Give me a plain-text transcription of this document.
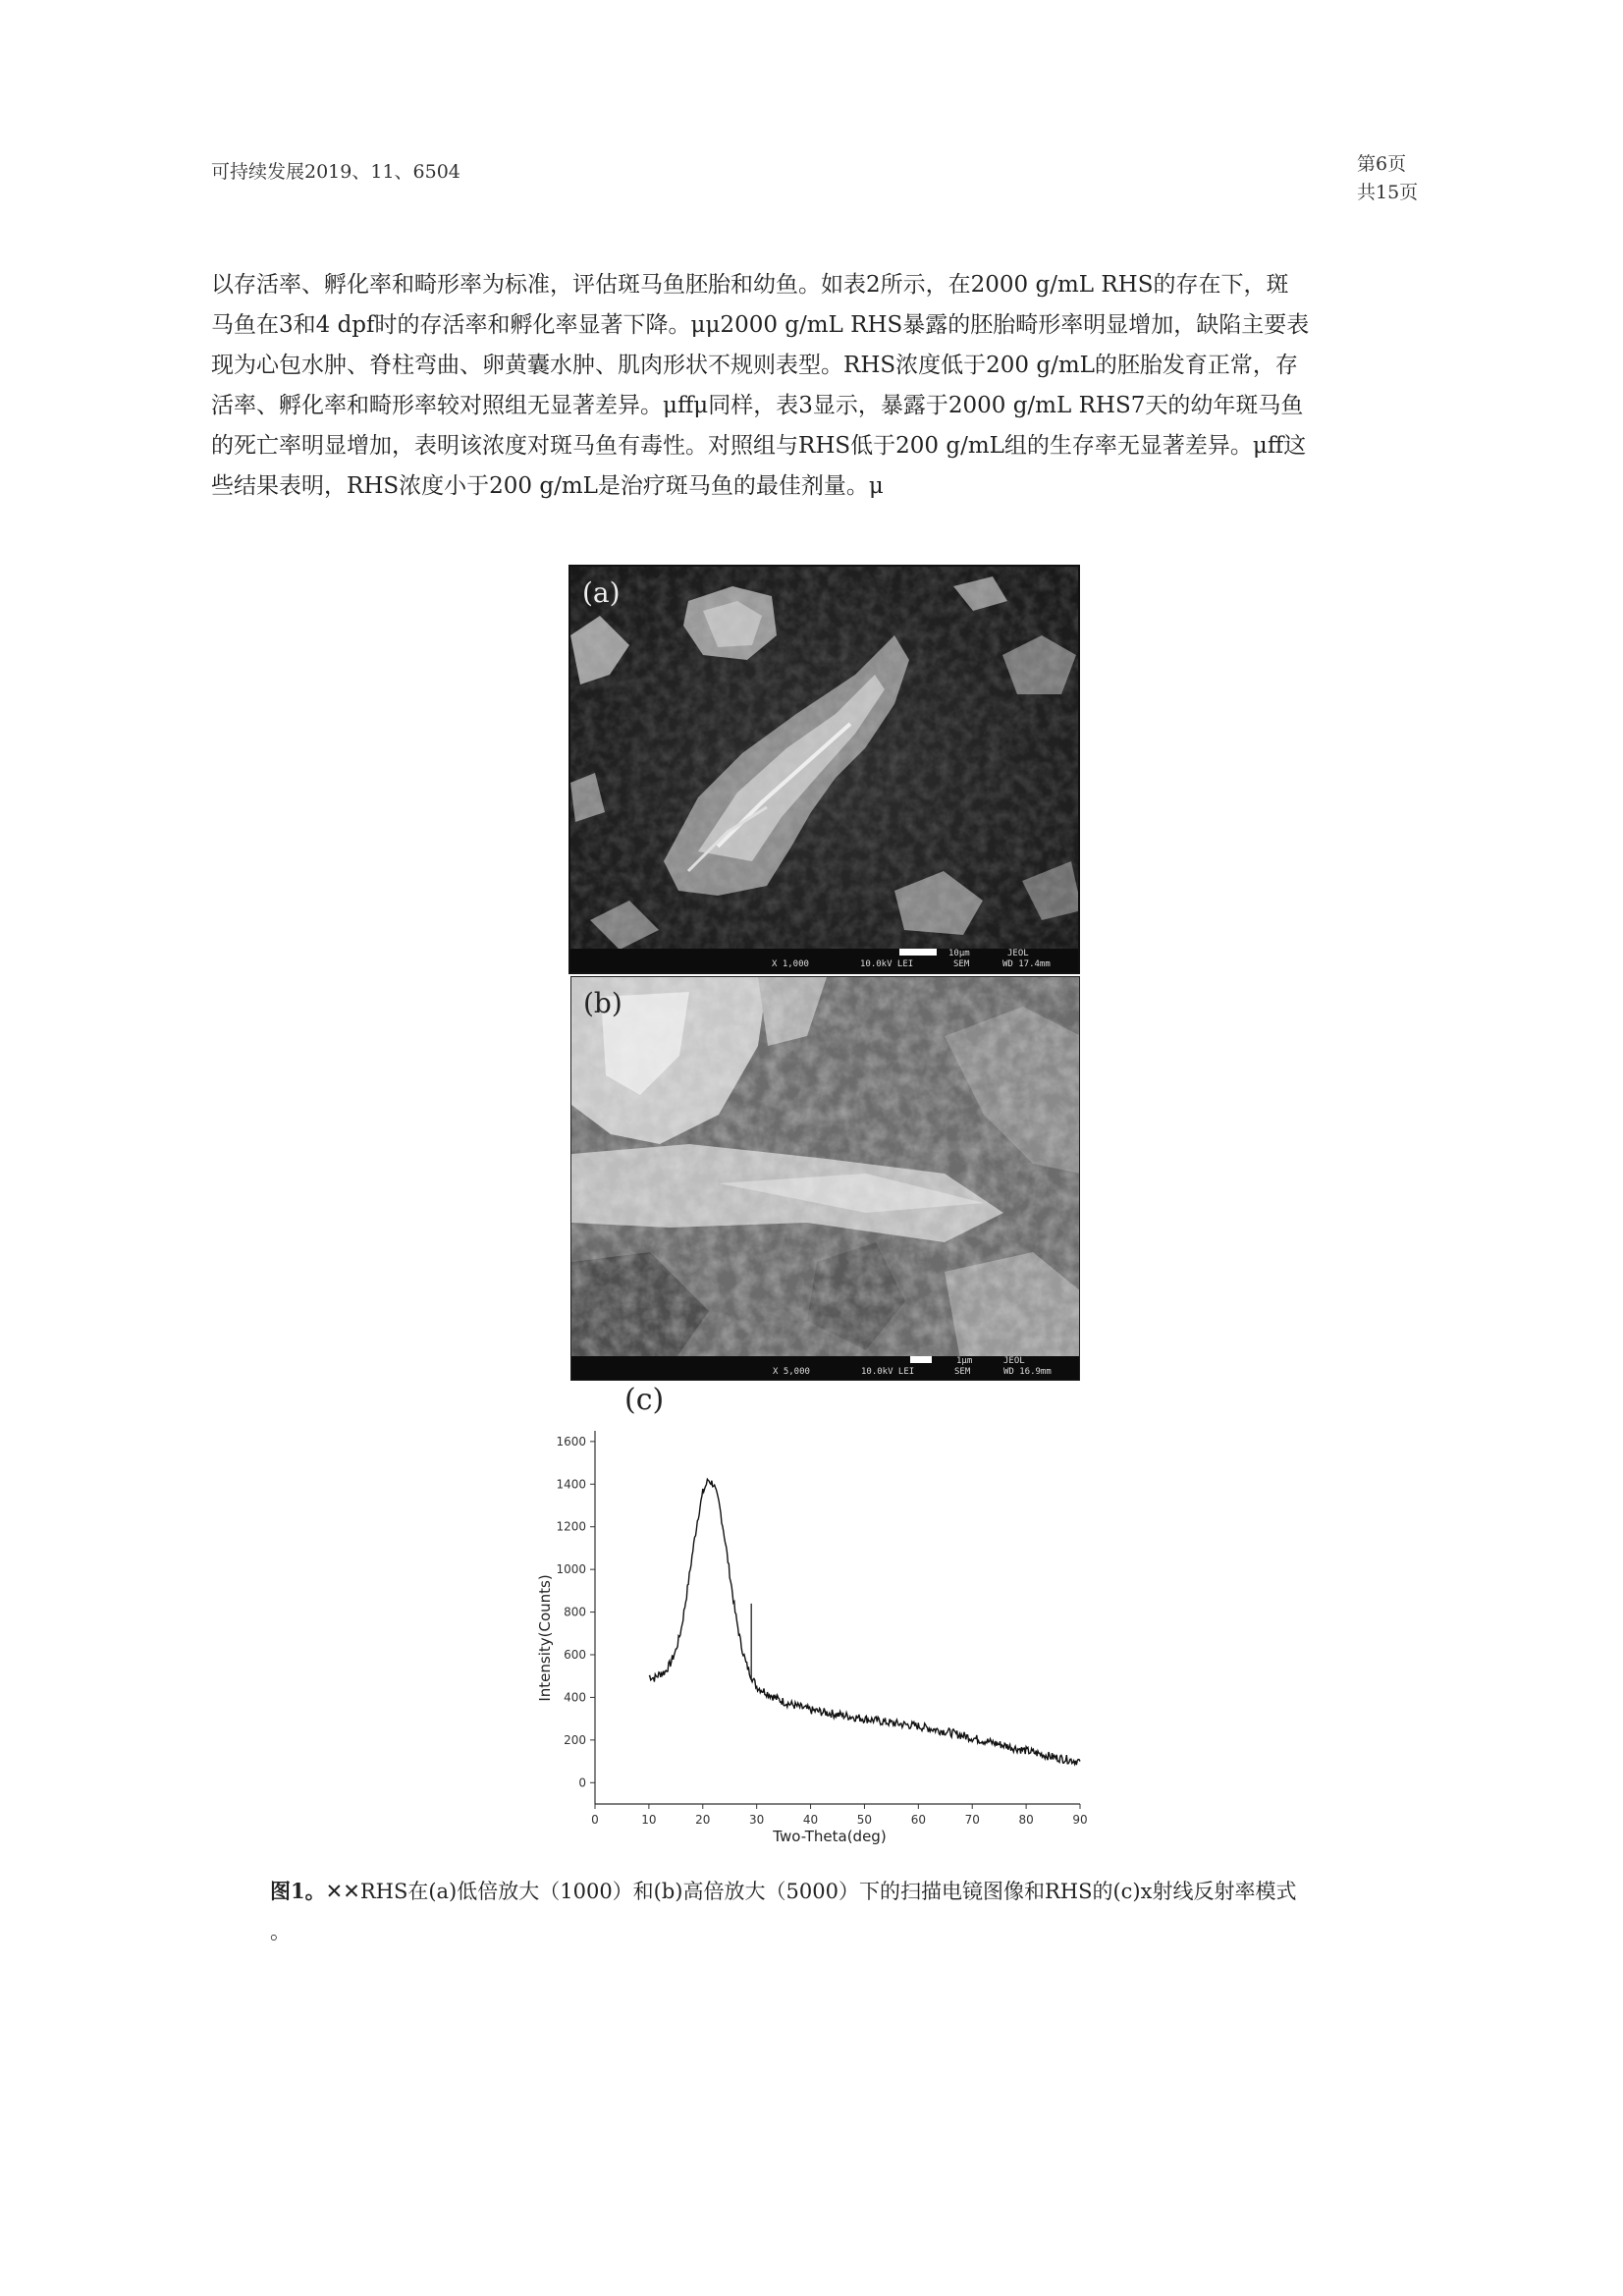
可持续发展2019、11、6504	第6页
共15页

以存活率、孵化率和畸形率为标准，评估斑马鱼胚胎和幼鱼。如表2所示，在2000 g/mL RHS的存在下，斑

马鱼在3和4 dpf时的存活率和孵化率显著下降。μμ2000 g/mL RHS暴露的胚胎畸形率明显增加，缺陷主要表

现为心包水肿、脊柱弯曲、卵黄囊水肿、肌肉形状不规则表型。RHS浓度低于200 g/mL的胚胎发育正常，存

活率、孵化率和畸形率较对照组无显著差异。μffμ同样，表3显示，暴露于2000 g/mL RHS7天的幼年斑马鱼

的死亡率明显增加，表明该浓度对斑马鱼有毒性。对照组与RHS低于200 g/mL组的生存率无显著差异。μff这

些结果表明，RHS浓度小于200 g/mL是治疗斑马鱼的最佳剂量。μ

(a)
10μm	JEOL
X 1,000	10.0kV LEI	SEM	WD 17.4mm
(b)
1μm	JEOL
X 5,000	10.0kV LEI	SEM	WD 16.9mm
(c)
0	10	20	30	40	50	60	70	80	90
0
200
400
600
800
1000
1200
1400
1600
Two-Theta(deg)
Intensity(Counts)

图1。✕✕RHS在(a)低倍放大（1000）和(b)高倍放大（5000）下的扫描电镜图像和RHS的(c)x射线反射率模式

。
